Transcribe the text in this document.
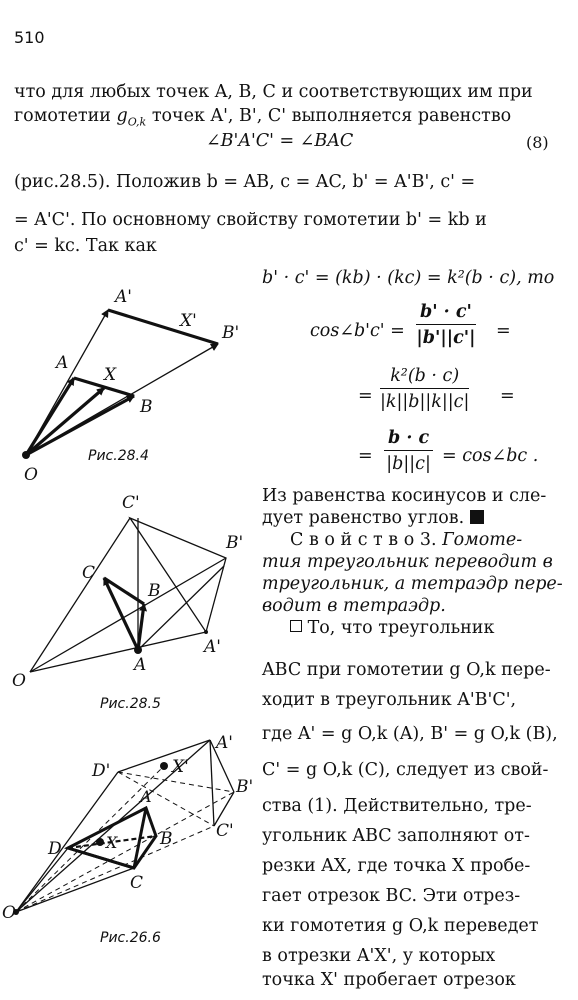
510
что для любых точек A, B, C и соответствующих им при
гомотетии $g_{O,k}$ точек A', B', C' выполняется равенство
∠B'A'C' = ∠BAC	(8)
(рис.28.5). Положив b = AB, c = AC, b' = A'B', c' =
= A'C'. По основному свойству гомотетии b' = kb и
c' = kc. Так как
b' · c' = (kb) · (kc) = k²(b · c), то
cos∠b'c' = $\frac{b' \cdot c'}{|b'||c'|}$ =
= $\frac{\text{k²(b · c)}}{|k||b||k||c|}$ =
= $\frac{b \cdot c}{|b||c|}$ = cos∠bc .
Из равенства косинусов и сле-
дует равенство углов.
С в о й с т в о 3. Гомоте-
тия треугольник переводит в
треугольник, а тетраэдр пере-
водит в тетраэдр.
То, что треугольник
ABC при гомотетии g O,k пере-
ходит в треугольник A'B'C',
где A' = g O,k (A), B' = g O,k (B),
C' = g O,k (C), следует из свой-
ства (1). Действительно, тре-
угольник ABC заполняют от-
резки AX, где точка X пробе-
гает отрезок BC. Эти отрез-
ки гомотетия g O,k переведет
в отрезки A'X', у которых
точка X' пробегает отрезок
A'
X'
B'
A
X
B
O
Рис.28.4
C'
B'
C
B
A'
A
O
Рис.28.5
D'	X'
A'
B'
C'
A
D	X	B
C
O
Рис.26.6
